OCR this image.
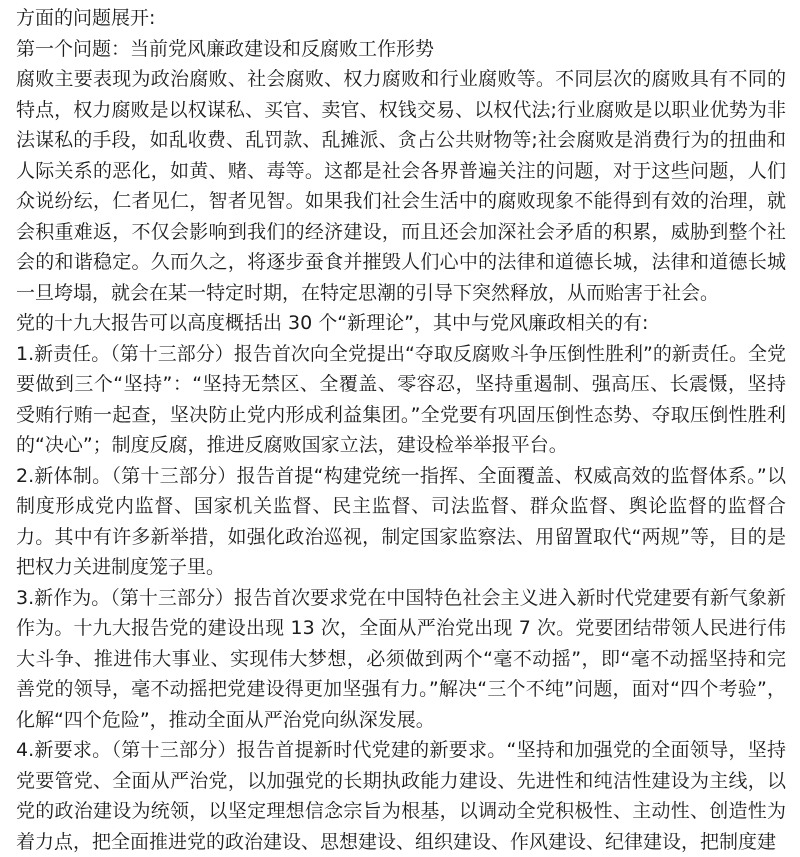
方面的问题展开:

第一个问题：当前党风廉政建设和反腐败工作形势

腐败主要表现为政治腐败、社会腐败、权力腐败和行业腐败等。不同层次的腐败具有不同的特点，权力腐败是以权谋私、买官、卖官、权钱交易、以权代法;行业腐败是以职业优势为非法谋私的手段，如乱收费、乱罚款、乱摊派、贪占公共财物等;社会腐败是消费行为的扭曲和人际关系的恶化，如黄、赌、毒等。这都是社会各界普遍关注的问题，对于这些问题，人们众说纷纭，仁者见仁，智者见智。如果我们社会生活中的腐败现象不能得到有效的治理，就会积重难返，不仅会影响到我们的经济建设，而且还会加深社会矛盾的积累，威胁到整个社会的和谐稳定。久而久之，将逐步蚕食并摧毁人们心中的法律和道德长城，法律和道德长城一旦垮塌，就会在某一特定时期，在特定思潮的引导下突然释放，从而贻害于社会。

党的十九大报告可以高度概括出 30 个“新理论”，其中与党风廉政相关的有:

1.新责任。（第十三部分）报告首次向全党提出“夺取反腐败斗争压倒性胜利”的新责任。全党要做到三个“坚持”：“坚持无禁区、全覆盖、零容忍，坚持重遏制、强高压、长震慑，坚持受贿行贿一起查，坚决防止党内形成利益集团。”全党要有巩固压倒性态势、夺取压倒性胜利的“决心”；制度反腐，推进反腐败国家立法，建设检举举报平台。

2.新体制。（第十三部分）报告首提“构建党统一指挥、全面覆盖、权威高效的监督体系。”以制度形成党内监督、国家机关监督、民主监督、司法监督、群众监督、舆论监督的监督合力。其中有许多新举措，如强化政治巡视，制定国家监察法、用留置取代“两规”等，目的是把权力关进制度笼子里。

3.新作为。（第十三部分）报告首次要求党在中国特色社会主义进入新时代党建要有新气象新作为。十九大报告党的建设出现 13 次，全面从严治党出现 7 次。党要团结带领人民进行伟大斗争、推进伟大事业、实现伟大梦想，必须做到两个“毫不动摇”，即“毫不动摇坚持和完善党的领导，毫不动摇把党建设得更加坚强有力。”解决“三个不纯”问题，面对“四个考验”，化解“四个危险”，推动全面从严治党向纵深发展。

4.新要求。（第十三部分）报告首提新时代党建的新要求。“坚持和加强党的全面领导，坚持党要管党、全面从严治党，以加强党的长期执政能力建设、先进性和纯洁性建设为主线，以党的政治建设为统领，以坚定理想信念宗旨为根基，以调动全党积极性、主动性、创造性为着力点，把全面推进党的政治建设、思想建设、组织建设、作风建设、纪律建设，把制度建
